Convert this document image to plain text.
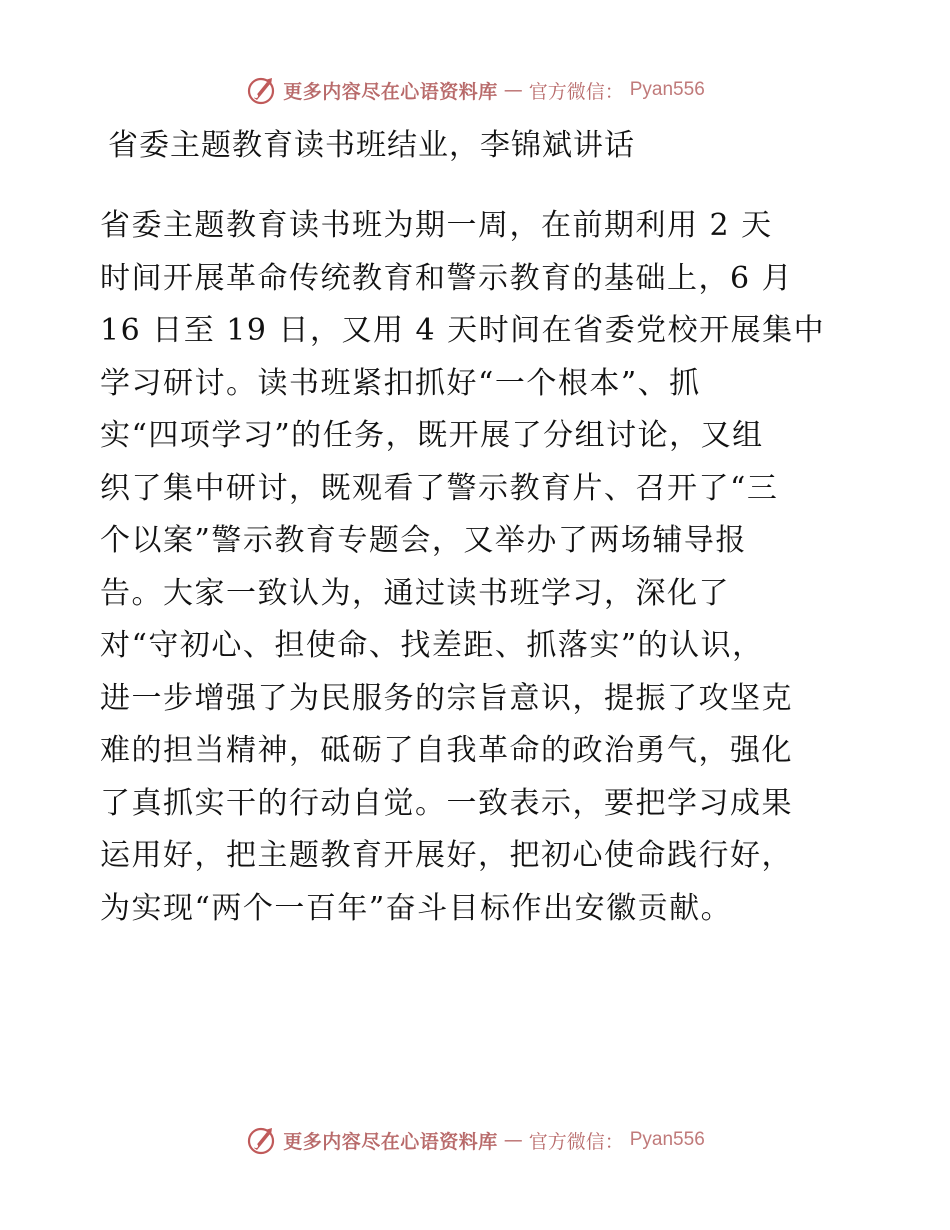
更多内容尽在心语资料库 — 官方微信： Pyan556
省委主题教育读书班结业，李锦斌讲话
省委主题教育读书班为期一周，在前期利用 2 天
时间开展革命传统教育和警示教育的基础上，6 月
16 日至 19 日，又用 4 天时间在省委党校开展集中
学习研讨。读书班紧扣抓好“一个根本”、抓
实“四项学习”的任务，既开展了分组讨论，又组
织了集中研讨，既观看了警示教育片、召开了“三
个以案”警示教育专题会，又举办了两场辅导报
告。大家一致认为，通过读书班学习，深化了
对“守初心、担使命、找差距、抓落实”的认识，
进一步增强了为民服务的宗旨意识，提振了攻坚克
难的担当精神，砥砺了自我革命的政治勇气，强化
了真抓实干的行动自觉。一致表示，要把学习成果
运用好，把主题教育开展好，把初心使命践行好，
为实现“两个一百年”奋斗目标作出安徽贡献。
更多内容尽在心语资料库 — 官方微信： Pyan556
